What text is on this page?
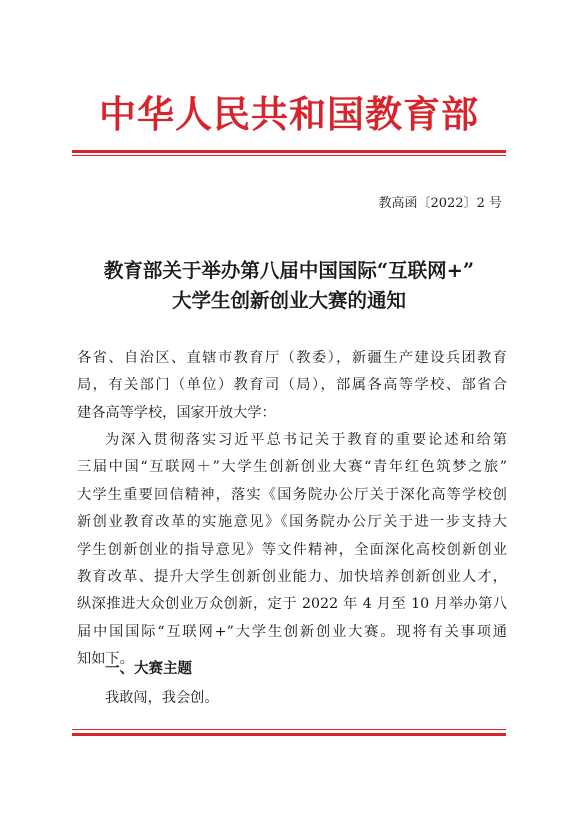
中华人民共和国教育部
教高函〔2022〕2 号
教育部关于举办第八届中国国际“互联网+”
大学生创新创业大赛的通知
各省、自治区、直辖市教育厅（教委），新疆生产建设兵团教育
局，有关部门（单位）教育司（局），部属各高等学校、部省合
建各高等学校，国家开放大学：
为深入贯彻落实习近平总书记关于教育的重要论述和给第
三届中国“互联网＋”大学生创新创业大赛“青年红色筑梦之旅”
大学生重要回信精神，落实《国务院办公厅关于深化高等学校创
新创业教育改革的实施意见》《国务院办公厅关于进一步支持大
学生创新创业的指导意见》等文件精神，全面深化高校创新创业
教育改革、提升大学生创新创业能力、加快培养创新创业人才，
纵深推进大众创业万众创新，定于 2022 年 4 月至 10 月举办第八
届中国国际“互联网+”大学生创新创业大赛。现将有关事项通
知如下。
一、大赛主题
我敢闯，我会创。
